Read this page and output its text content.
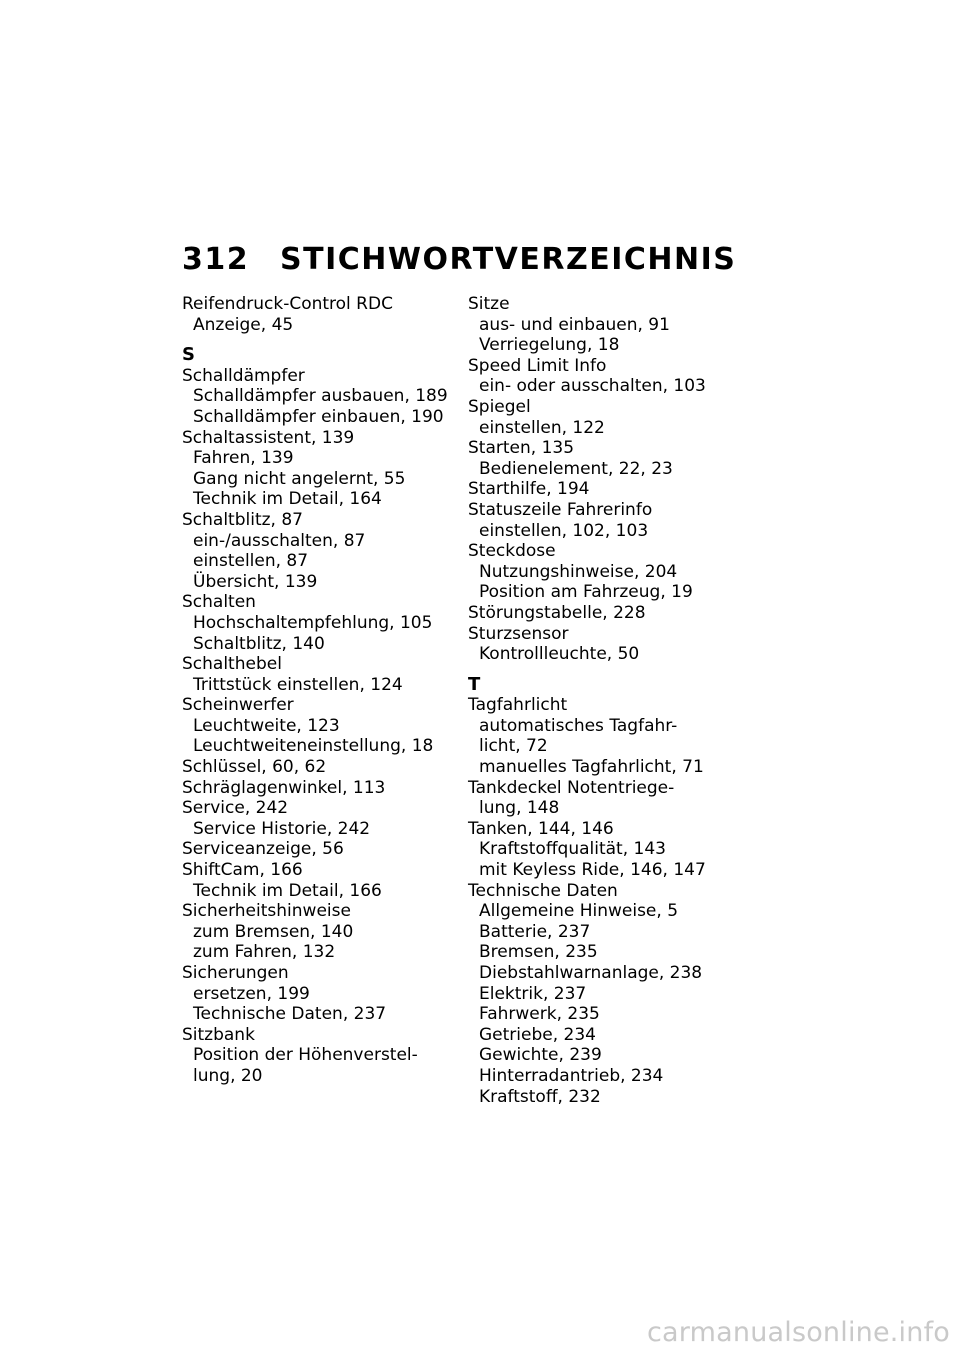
312	STICHWORTVERZEICHNIS
Reifendruck-Control RDC
Anzeige, 45
S
Schalldämpfer
Schalldämpfer ausbauen, 189
Schalldämpfer einbauen, 190
Schaltassistent, 139
Fahren, 139
Gang nicht angelernt, 55
Technik im Detail, 164
Schaltblitz, 87
ein-/ausschalten, 87
einstellen, 87
Übersicht, 139
Schalten
Hochschaltempfehlung, 105
Schaltblitz, 140
Schalthebel
Trittstück einstellen, 124
Scheinwerfer
Leuchtweite, 123
Leuchtweiteneinstellung, 18
Schlüssel, 60, 62
Schräglagenwinkel, 113
Service, 242
Service Historie, 242
Serviceanzeige, 56
ShiftCam, 166
Technik im Detail, 166
Sicherheitshinweise
zum Bremsen, 140
zum Fahren, 132
Sicherungen
ersetzen, 199
Technische Daten, 237
Sitzbank
Position der Höhenverstel-
lung, 20
Sitze
aus- und einbauen, 91
Verriegelung, 18
Speed Limit Info
ein- oder ausschalten, 103
Spiegel
einstellen, 122
Starten, 135
Bedienelement, 22, 23
Starthilfe, 194
Statuszeile Fahrerinfo
einstellen, 102, 103
Steckdose
Nutzungshinweise, 204
Position am Fahrzeug, 19
Störungstabelle, 228
Sturzsensor
Kontrollleuchte, 50
T
Tagfahrlicht
automatisches Tagfahr-
licht, 72
manuelles Tagfahrlicht, 71
Tankdeckel Notentriege-
lung, 148
Tanken, 144, 146
Kraftstoffqualität, 143
mit Keyless Ride, 146, 147
Technische Daten
Allgemeine Hinweise, 5
Batterie, 237
Bremsen, 235
Diebstahlwarnanlage, 238
Elektrik, 237
Fahrwerk, 235
Getriebe, 234
Gewichte, 239
Hinterradantrieb, 234
Kraftstoff, 232
carmanualsonline.info
